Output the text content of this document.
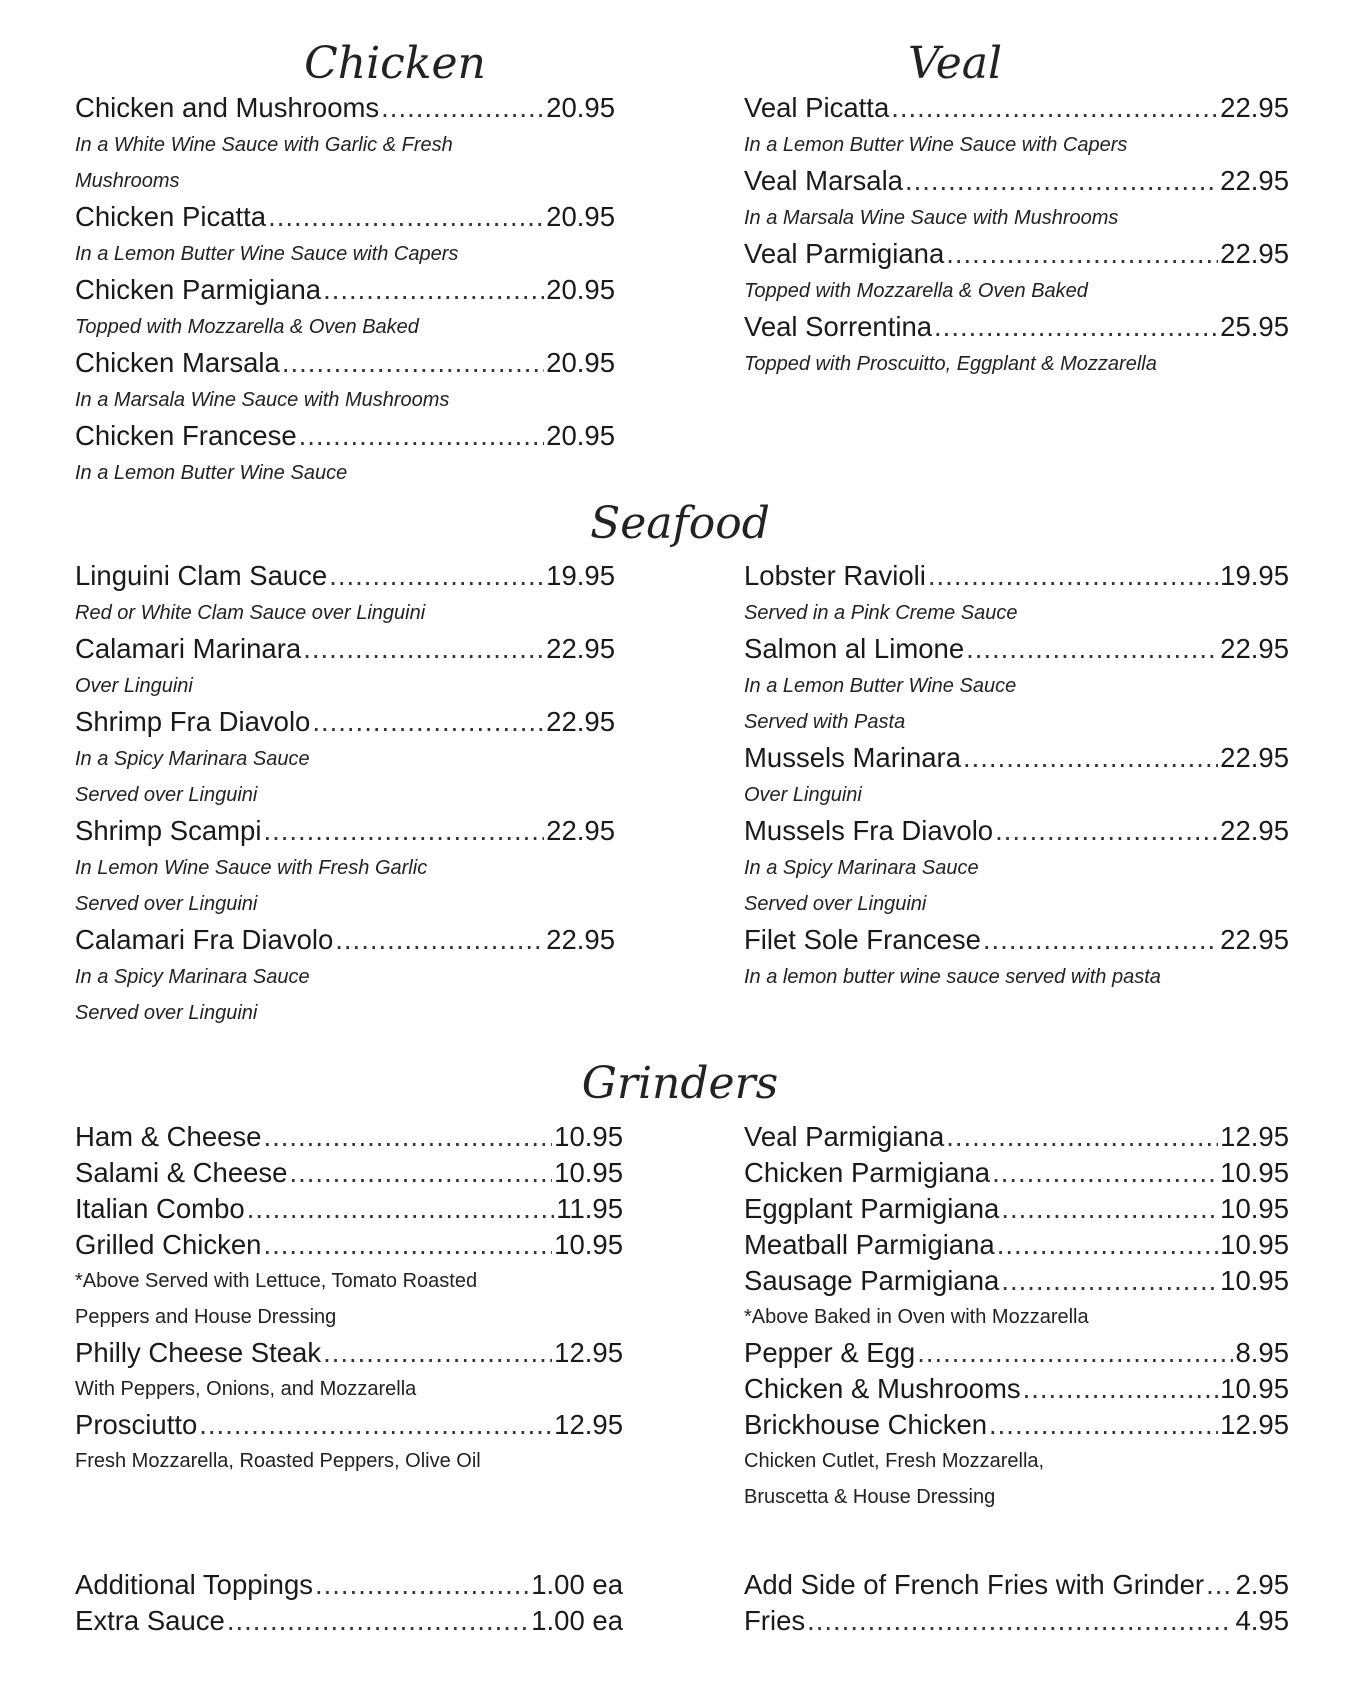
Chicken
Chicken and Mushrooms .....	20.95
In a White Wine Sauce with Garlic & Fresh
Mushrooms
Chicken Picatta .....	20.95
In a Lemon Butter Wine Sauce with Capers
Chicken Parmigiana .....	20.95
Topped with Mozzarella & Oven Baked
Chicken Marsala .....	20.95
In a Marsala Wine Sauce with Mushrooms
Chicken Francese .....	20.95
In a Lemon Butter Wine Sauce
Veal
Veal Picatta .....	22.95
In a Lemon Butter Wine Sauce with Capers
Veal Marsala .....	22.95
In a Marsala Wine Sauce with Mushrooms
Veal Parmigiana .....	22.95
Topped with Mozzarella & Oven Baked
Veal Sorrentina .....	25.95
Topped with Proscuitto, Eggplant & Mozzarella
Seafood
Linguini Clam Sauce .....	19.95
Red or White Clam Sauce over Linguini
Calamari Marinara .....	22.95
Over Linguini
Shrimp Fra Diavolo .....	22.95
In a Spicy Marinara Sauce
Served over Linguini
Shrimp Scampi .....	22.95
In Lemon Wine Sauce with Fresh Garlic
Served over Linguini
Calamari Fra Diavolo .....	22.95
In a Spicy Marinara Sauce
Served over Linguini
Lobster Ravioli .....	19.95
Served in a Pink Creme Sauce
Salmon al Limone .....	22.95
In a Lemon Butter Wine Sauce
Served with Pasta
Mussels Marinara .....	22.95
Over Linguini
Mussels Fra Diavolo .....	22.95
In a Spicy Marinara Sauce
Served over Linguini
Filet Sole Francese .....	22.95
In a lemon butter wine sauce served with pasta
Grinders
Ham & Cheese .....	10.95
Salami & Cheese .....	10.95
Italian Combo .....	11.95
Grilled Chicken .....	10.95
*Above Served with Lettuce, Tomato Roasted
Peppers and House Dressing
Philly Cheese Steak .....	12.95
With Peppers, Onions, and Mozzarella
Prosciutto .....	12.95
Fresh Mozzarella, Roasted Peppers, Olive Oil
Veal Parmigiana .....	12.95
Chicken Parmigiana .....	10.95
Eggplant Parmigiana .....	10.95
Meatball Parmigiana .....	10.95
Sausage Parmigiana .....	10.95
*Above Baked in Oven with Mozzarella
Pepper & Egg .....	8.95
Chicken & Mushrooms .....	10.95
Brickhouse Chicken .....	12.95
Chicken Cutlet, Fresh Mozzarella,
Bruscetta & House Dressing
Additional Toppings .....	1.00 ea
Extra Sauce .....	1.00 ea
Add Side of French Fries with Grinder ..... 2.95
Fries .....	4.95
